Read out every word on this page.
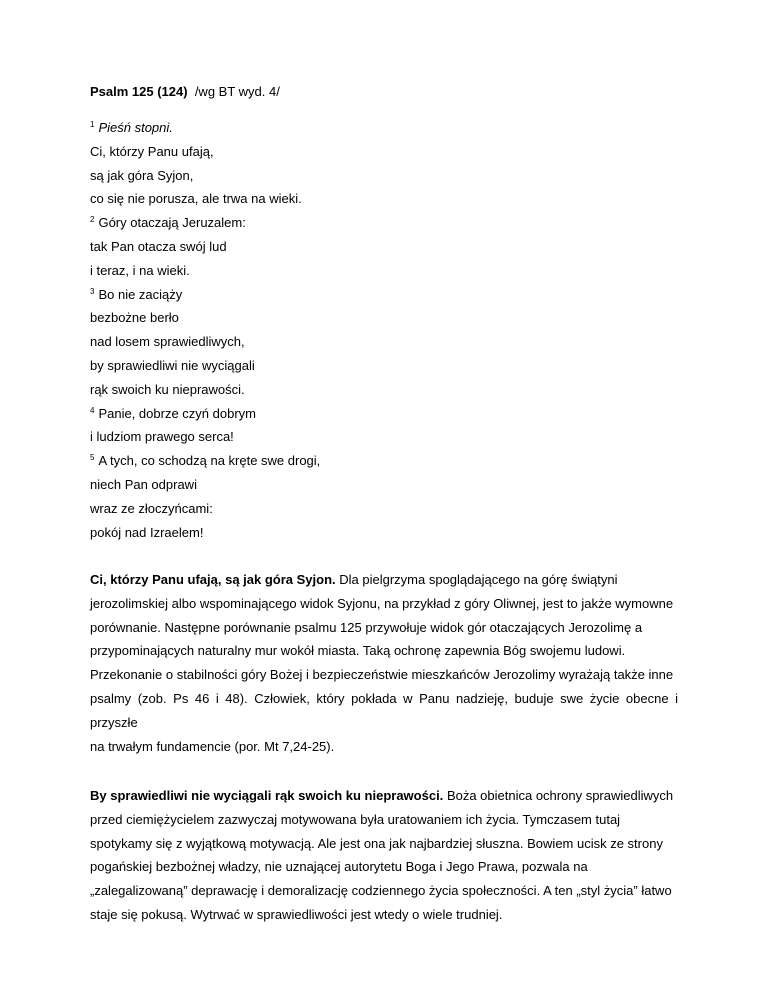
Psalm 125 (124) /wg BT wyd. 4/
$^1$ Pieśń stopni.
Ci, którzy Panu ufają,
są jak góra Syjon,
co się nie porusza, ale trwa na wieki.
$^2$ Góry otaczają Jeruzalem:
tak Pan otacza swój lud
i teraz, i na wieki.
$^3$ Bo nie zaciąży
bezbożne berło
nad losem sprawiedliwych,
by sprawiedliwi nie wyciągali
rąk swoich ku nieprawości.
$^4$ Panie, dobrze czyń dobrym
i ludziom prawego serca!
$^5$ A tych, co schodzą na kręte swe drogi,
niech Pan odprawi
wraz ze złoczyńcami:
pokój nad Izraelem!

Ci, którzy Panu ufają, są jak góra Syjon. Dla pielgrzyma spoglądającego na górę świątyni

jerozolimskiej albo wspominającego widok Syjonu, na przykład z góry Oliwnej, jest to jakże wymowne

porównanie. Następne porównanie psalmu 125 przywołuje widok gór otaczających Jerozolimę a

przypominających naturalny mur wokół miasta. Taką ochronę zapewnia Bóg swojemu ludowi.

Przekonanie o stabilności góry Bożej i bezpieczeństwie mieszkańców Jerozolimy wyrażają także inne

psalmy (zob. Ps 46 i 48). Człowiek, który pokłada w Panu nadzieję, buduje swe życie obecne i przyszłe

na trwałym fundamencie (por. Mt 7,24-25).

By sprawiedliwi nie wyciągali rąk swoich ku nieprawości. Boża obietnica ochrony sprawiedliwych

przed ciemiężycielem zazwyczaj motywowana była uratowaniem ich życia. Tymczasem tutaj

spotykamy się z wyjątkową motywacją. Ale jest ona jak najbardziej słuszna. Bowiem ucisk ze strony

pogańskiej bezbożnej władzy, nie uznającej autorytetu Boga i Jego Prawa, pozwala na

„zalegalizowaną” deprawację i demoralizację codziennego życia społeczności. A ten „styl życia” łatwo

staje się pokusą. Wytrwać w sprawiedliwości jest wtedy o wiele trudniej.
